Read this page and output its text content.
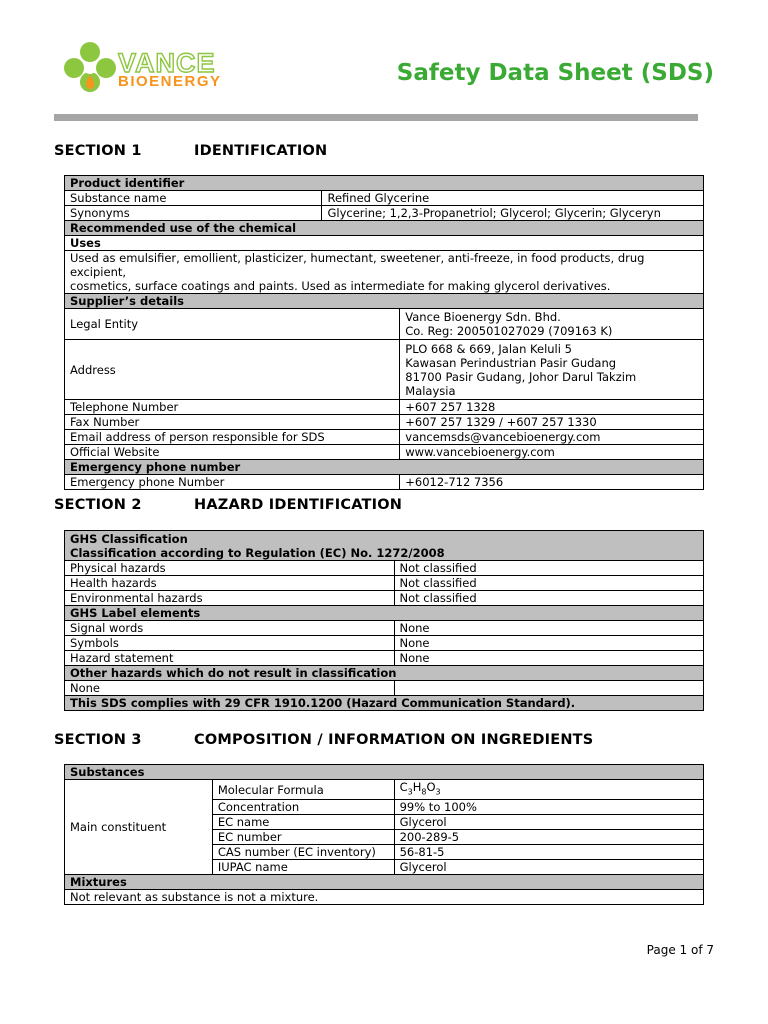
VANCE
BIOENERGY	Safety Data Sheet (SDS)
SECTION 1	IDENTIFICATION
Product identifier		
Substance name	Refined Glycerine	
Synonyms	Glycerine; 1,2,3-Propanetriol; Glycerol; Glycerin; Glyceryn	
Recommended use of the chemical		
Uses		

Used as emulsifier, emollient, plasticizer, humectant, sweetener, anti-freeze, in food products, drug excipient,
cosmetics, surface coatings and paints. Used as intermediate for making glycerol derivatives.		

Supplier’s details		
Legal Entity		Vance Bioenergy Sdn. Bhd.
Co. Reg: 200501027029 (709163 K)

Address		PLO 668 & 669, Jalan Keluli 5
Kawasan Perindustrian Pasir Gudang
81700 Pasir Gudang, Johor Darul Takzim
Malaysia

Telephone Number		+607 257 1328
Fax Number		+607 257 1329 / +607 257 1330
Email address of person responsible for SDS		vancemsds@vancebioenergy.com
Official Website		www.vancebioenergy.com
Emergency phone number		
Emergency phone Number		+6012-712 7356
SECTION 2	HAZARD IDENTIFICATION
GHS Classification
Classification according to Regulation (EC) No. 1272/2008	

Physical hazards	Not classified
Health hazards	Not classified
Environmental hazards	Not classified
GHS Label elements	
Signal words	None
Symbols	None
Hazard statement	None
Other hazards which do not result in classification	
None	
This SDS complies with 29 CFR 1910.1200 (Hazard Communication Standard).	
SECTION 3	COMPOSITION / INFORMATION ON INGREDIENTS
Substances		
Main constituent	Molecular Formula	$C_3H_8O_3$
	Concentration	99% to 100%
	EC name	Glycerol
	EC number	200-289-5
	CAS number (EC inventory)	56-81-5
	IUPAC name	Glycerol
Mixtures		
Not relevant as substance is not a mixture.		
Page 1 of 7
